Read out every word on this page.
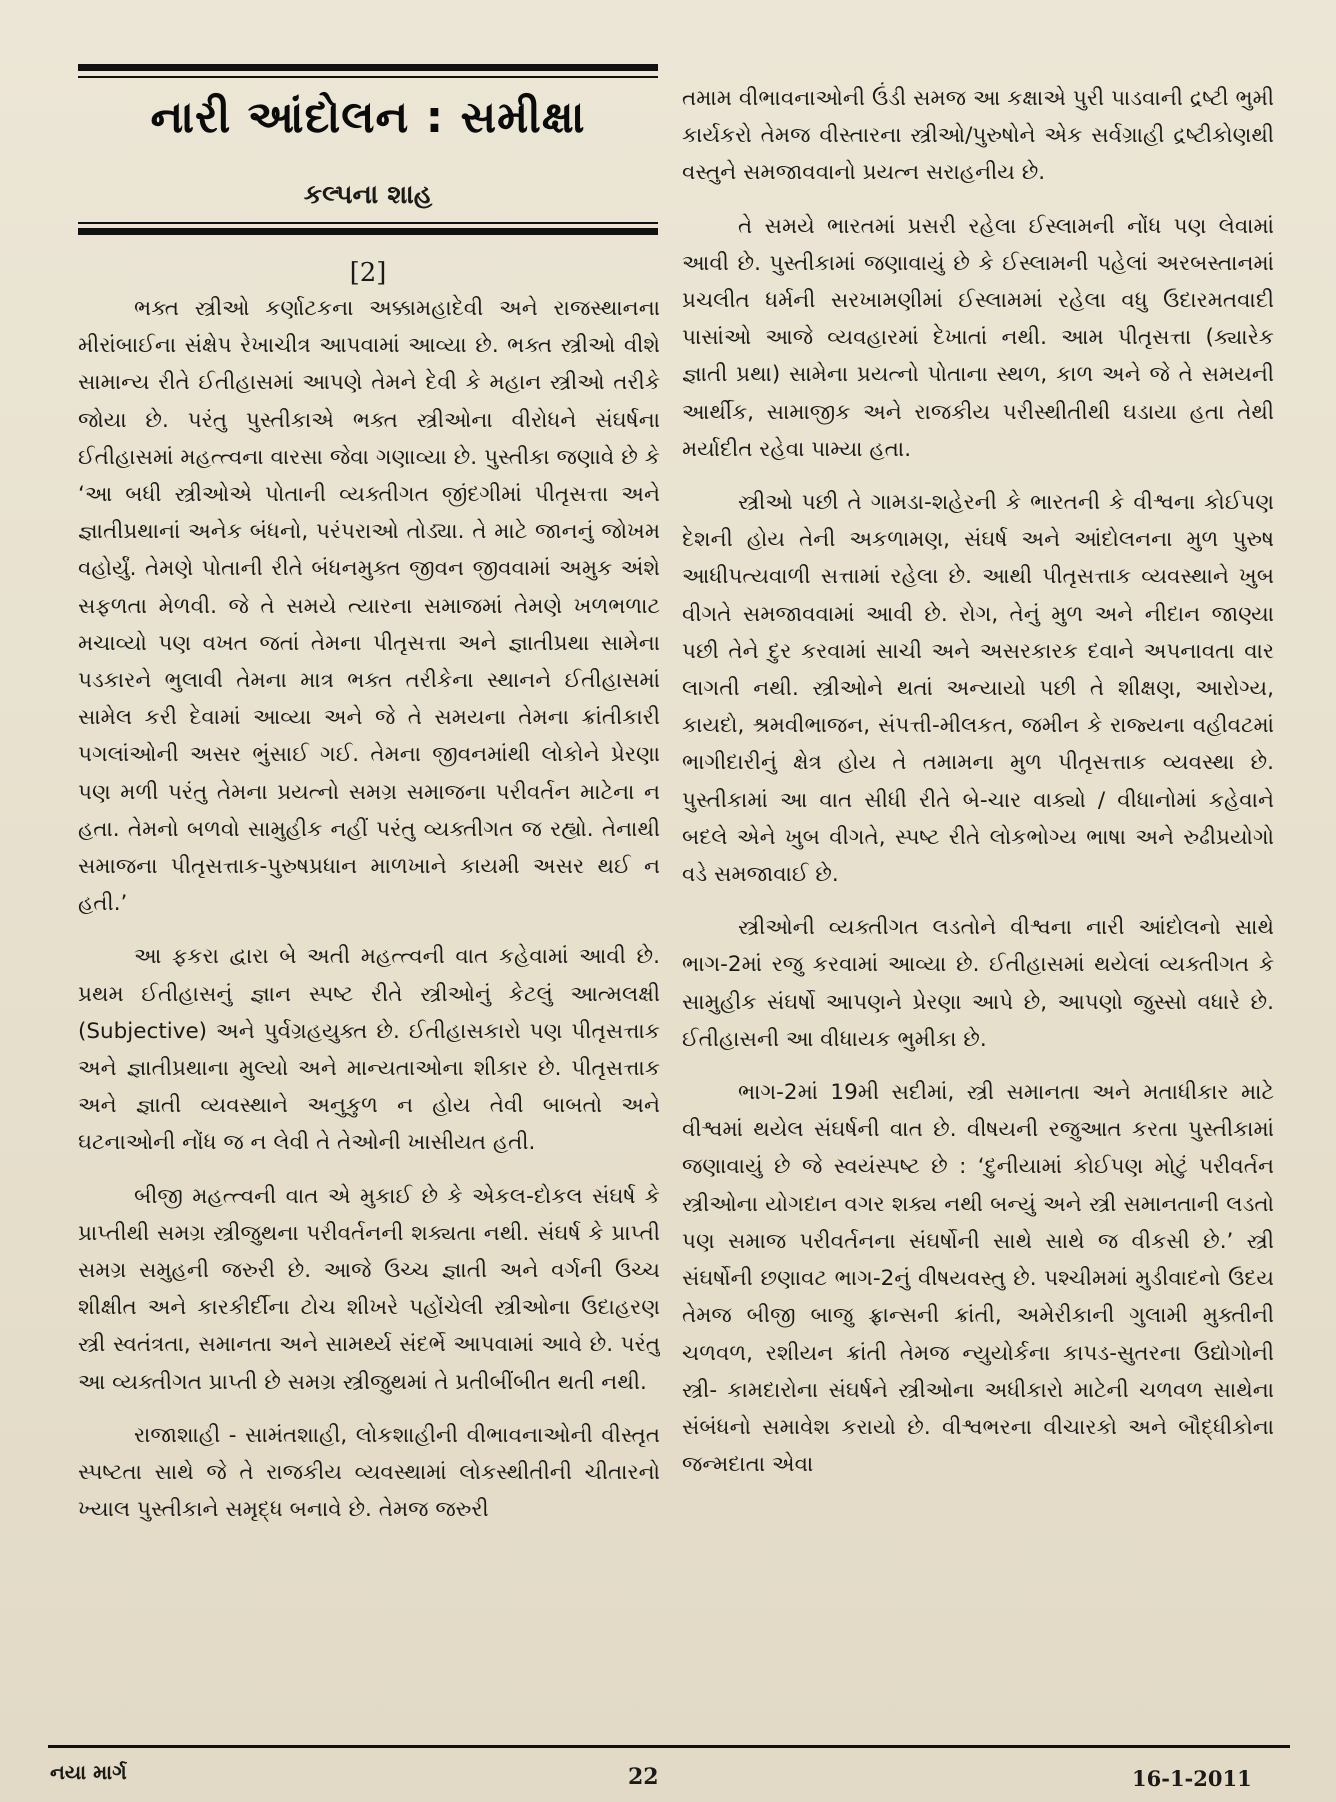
નારી આંદોલન : સમીક્ષા
કલ્પના શાહ
[2]

ભક્ત સ્ત્રીઓ કર્ણાટકના અક્કામહાદેવી અને રાજસ્થાનના મીરાંબાઈના સંક્ષેપ રેખાચીત્ર આપવામાં આવ્યા છે. ભક્ત સ્ત્રીઓ વીશે સામાન્ય રીતે ઈતીહાસમાં આપણે તેમને દેવી કે મહાન સ્ત્રીઓ તરીકે જોયા છે. પરંતુ પુસ્તીકાએ ભક્ત સ્ત્રીઓના વીરોધને સંઘર્ષના ઈતીહાસમાં મહત્ત્વના વારસા જેવા ગણાવ્યા છે. પુસ્તીકા જણાવે છે કે ‘આ બધી સ્ત્રીઓએ પોતાની વ્યક્તીગત જીંદગીમાં પીતૃસત્તા અને જ્ઞાતીપ્રથાનાં અનેક બંધનો, પરંપરાઓ તોડ્યા. તે માટે જાનનું જોખમ વહોર્યું. તેમણે પોતાની રીતે બંધનમુક્ત જીવન જીવવામાં અમુક અંશે સફળતા મેળવી. જે તે સમયે ત્યારના સમાજમાં તેમણે ખળભળાટ મચાવ્યો પણ વખત જતાં તેમના પીતૃસત્તા અને જ્ઞાતીપ્રથા સામેના પડકારને ભુલાવી તેમના માત્ર ભક્ત તરીકેના સ્થાનને ઈતીહાસમાં સામેલ કરી દેવામાં આવ્યા અને જે તે સમયના તેમના ક્રાંતીકારી પગલાંઓની અસર ભુંસાઈ ગઈ. તેમના જીવનમાંથી લોકોને પ્રેરણા પણ મળી પરંતુ તેમના પ્રયત્નો સમગ્ર સમાજના પરીવર્તન માટેના ન હતા. તેમનો બળવો સામુહીક નહીં પરંતુ વ્યક્તીગત જ રહ્યો. તેનાથી સમાજના પીતૃસત્તાક-પુરુષપ્રધાન માળખાને કાયમી અસર થઈ ન હતી.’

આ ફકરા દ્વારા બે અતી મહત્ત્વની વાત કહેવામાં આવી છે. પ્રથમ ઈતીહાસનું જ્ઞાન સ્પષ્ટ રીતે સ્ત્રીઓનું કેટલું આત્મલક્ષી (Subjective) અને પુર્વગ્રહયુક્ત છે. ઈતીહાસકારો પણ પીતૃસત્તાક અને જ્ઞાતીપ્રથાના મુલ્યો અને માન્યતાઓના શીકાર છે. પીતૃસત્તાક અને જ્ઞાતી વ્યવસ્થાને અનુકુળ ન હોય તેવી બાબતો અને ઘટનાઓની નોંધ જ ન લેવી તે તેઓની ખાસીયત હતી.

બીજી મહત્ત્વની વાત એ મુકાઈ છે કે એકલ-દોકલ સંઘર્ષ કે પ્રાપ્તીથી સમગ્ર સ્ત્રીજુથના પરીવર્તનની શક્યતા નથી. સંઘર્ષ કે પ્રાપ્તી સમગ્ર સમુહની જરુરી છે. આજે ઉચ્ચ જ્ઞાતી અને વર્ગની ઉચ્ચ શીક્ષીત અને કારકીર્દીના ટોચ શીખરે પહોંચેલી સ્ત્રીઓના ઉદાહરણ સ્ત્રી સ્વતંત્રતા, સમાનતા અને સામર્થ્ય સંદર્ભે આપવામાં આવે છે. પરંતુ આ વ્યક્તીગત પ્રાપ્તી છે સમગ્ર સ્ત્રીજુથમાં તે પ્રતીબીંબીત થતી નથી.

રાજાશાહી - સામંતશાહી, લોકશાહીની વીભાવનાઓની વીસ્તૃત સ્પષ્ટતા સાથે જે તે રાજકીય વ્યવસ્થામાં લોકસ્થીતીની ચીતારનો ખ્યાલ પુસ્તીકાને સમૃદ્ધ બનાવે છે. તેમજ જરુરી

તમામ વીભાવનાઓની ઉંડી સમજ આ કક્ષાએ પુરી પાડવાની દ્રષ્ટી ભુમી કાર્યકરો તેમજ વીસ્તારના સ્ત્રીઓ/પુરુષોને એક સર્વગ્રાહી દ્રષ્ટીકોણથી વસ્તુને સમજાવવાનો પ્રયત્ન સરાહનીય છે.

તે સમયે ભારતમાં પ્રસરી રહેલા ઈસ્લામની નોંધ પણ લેવામાં આવી છે. પુસ્તીકામાં જણાવાયું છે કે ઈસ્લામની પહેલાં અરબસ્તાનમાં પ્રચલીત ધર્મની સરખામણીમાં ઈસ્લામમાં રહેલા વધુ ઉદારમતવાદી પાસાંઓ આજે વ્યવહારમાં દેખાતાં નથી. આમ પીતૃસત્તા (ક્યારેક જ્ઞાતી પ્રથા) સામેના પ્રયત્નો પોતાના સ્થળ, કાળ અને જે તે સમયની આર્થીક, સામાજીક અને રાજકીય પરીસ્થીતીથી ઘડાયા હતા તેથી મર્યાદીત રહેવા પામ્યા હતા.

સ્ત્રીઓ પછી તે ગામડા-શહેરની કે ભારતની કે વીશ્વના કોઈપણ દેશની હોય તેની અકળામણ, સંઘર્ષ અને આંદોલનના મુળ પુરુષ આધીપત્યવાળી સત્તામાં રહેલા છે. આથી પીતૃસત્તાક વ્યવસ્થાને ખુબ વીગતે સમજાવવામાં આવી છે. રોગ, તેનું મુળ અને નીદાન જાણ્યા પછી તેને દુર કરવામાં સાચી અને અસરકારક દવાને અપનાવતા વાર લાગતી નથી. સ્ત્રીઓને થતાં અન્યાયો પછી તે શીક્ષણ, આરોગ્ય, કાયદો, શ્રમવીભાજન, સંપત્તી-મીલકત, જમીન કે રાજ્યના વહીવટમાં ભાગીદારીનું ક્ષેત્ર હોય તે તમામના મુળ પીતૃસત્તાક વ્યવસ્થા છે. પુસ્તીકામાં આ વાત સીધી રીતે બે-ચાર વાક્યો / વીધાનોમાં કહેવાને બદલે એને ખુબ વીગતે, સ્પષ્ટ રીતે લોકભોગ્ય ભાષા અને રુઢીપ્રયોગો વડે સમજાવાઈ છે.

સ્ત્રીઓની વ્યક્તીગત લડતોને વીશ્વના નારી આંદોલનો સાથે ભાગ-2માં રજુ કરવામાં આવ્યા છે. ઈતીહાસમાં થયેલાં વ્યક્તીગત કે સામુહીક સંઘર્ષો આપણને પ્રેરણા આપે છે, આપણો જુસ્સો વધારે છે. ઈતીહાસની આ વીધાયક ભુમીકા છે.

ભાગ-2માં 19મી સદીમાં, સ્ત્રી સમાનતા અને મતાધીકાર માટે વીશ્વમાં થયેલ સંઘર્ષની વાત છે. વીષયની રજુઆત કરતા પુસ્તીકામાં જણાવાયું છે જે સ્વયંસ્પષ્ટ છે : ‘દુનીયામાં કોઈપણ મોટું પરીવર્તન સ્ત્રીઓના યોગદાન વગર શક્ય નથી બન્યું અને સ્ત્રી સમાનતાની લડતો પણ સમાજ પરીવર્તનના સંઘર્ષોની સાથે સાથે જ વીકસી છે.’ સ્ત્રી સંઘર્ષોની છણાવટ ભાગ-2નું વીષયવસ્તુ છે. પશ્ચીમમાં મુડીવાદનો ઉદય તેમજ બીજી બાજુ ફ્રાન્સની ક્રાંતી, અમેરીકાની ગુલામી મુક્તીની ચળવળ, રશીયન ક્રાંતી તેમજ ન્યુયોર્કના કાપડ-સુતરના ઉદ્યોગોની સ્ત્રી- કામદારોના સંઘર્ષને સ્ત્રીઓના અધીકારો માટેની ચળવળ સાથેના સંબંધનો સમાવેશ કરાયો છે. વીશ્વભરના વીચારકો અને બૌદ્ધીકોના જન્મદાતા એવા

નયા માર્ગ	22	16-1-2011
